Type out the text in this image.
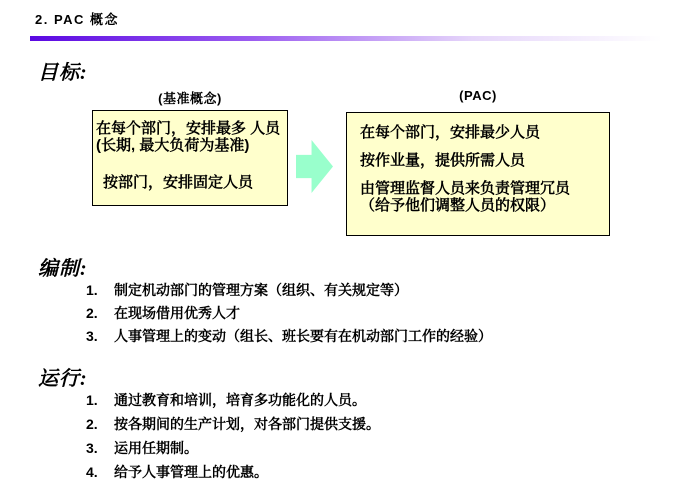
2. PAC 概念
目标:
(基准概念)	(PAC)
在每个部门，安排最多 人员
(长期, 最大负荷为基准)
按部门，安排固定人员
在每个部门，安排最少人员
按作业量，提供所需人员
由管理监督人员来负责管理冗员
（给予他们调整人员的权限）
编制:
1.	制定机动部门的管理方案（组织、有关规定等）
2.	在现场借用优秀人才
3.	人事管理上的变动（组长、班长要有在机动部门工作的经验）
运行:
1.	通过教育和培训，培育多功能化的人员。
2.	按各期间的生产计划，对各部门提供支援。
3.	运用任期制。
4.	给予人事管理上的优惠。
